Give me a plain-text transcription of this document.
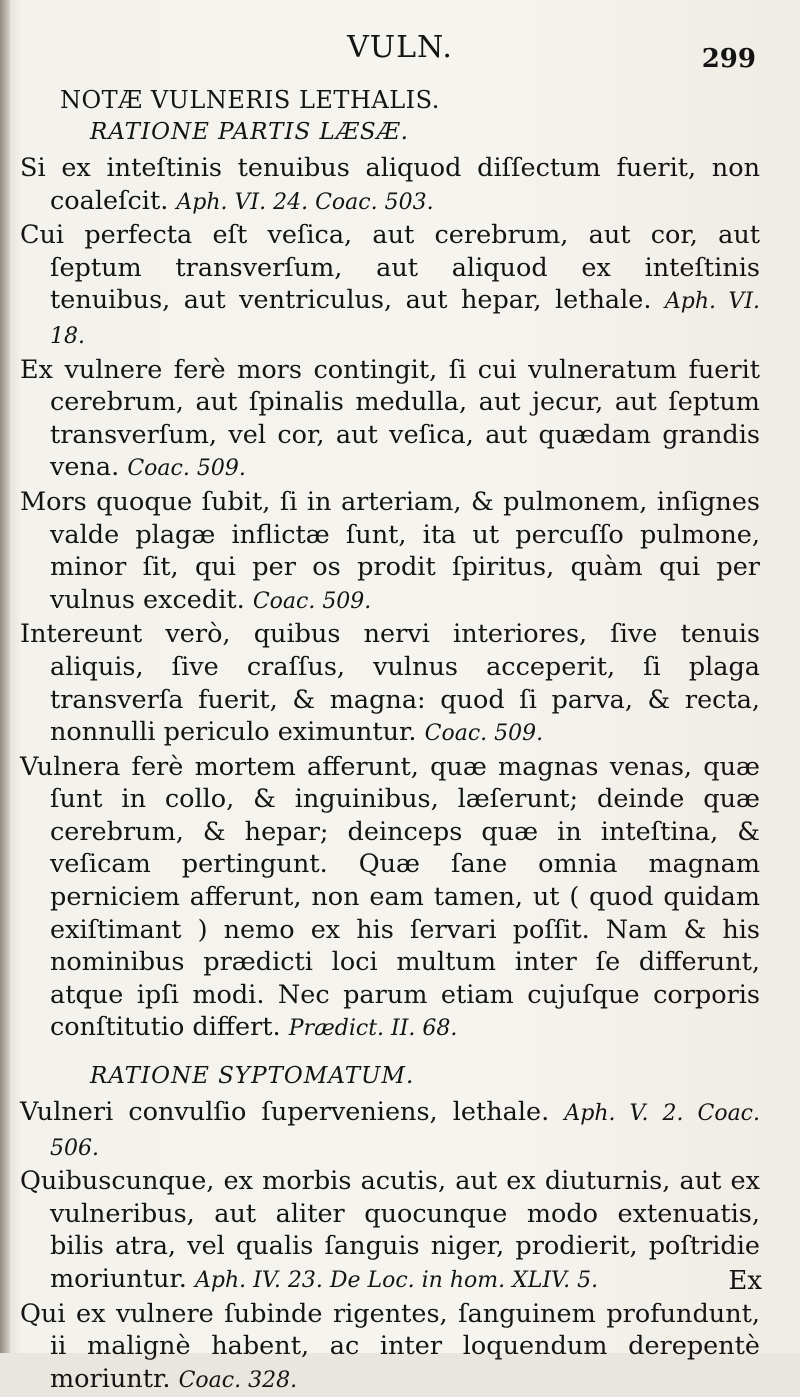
VULN.	299
NOTÆ VULNERIS LETHALIS.
RATIONE PARTIS LÆSÆ.

Si ex inteſtinis tenuibus aliquod diſſectum fuerit, non coaleſcit. Aph. VI. 24. Coac. 503.

Cui perfecta eſt veſica, aut cerebrum, aut cor, aut ſeptum transverſum, aut aliquod ex inteſtinis tenuibus, aut ventriculus, aut hepar, lethale. Aph. VI. 18.

Ex vulnere ferè mors contingit, ſi cui vulneratum fuerit cerebrum, aut ſpinalis medulla, aut jecur, aut ſeptum transverſum, vel cor, aut veſica, aut quædam grandis vena. Coac. 509.

Mors quoque ſubit, ſi in arteriam, & pulmonem, inſignes valde plagæ inflictæ ſunt, ita ut percuſſo pulmone, minor ſit, qui per os prodit ſpiritus, quàm qui per vulnus excedit. Coac. 509.

Intereunt verò, quibus nervi interiores, ſive tenuis aliquis, ſive craſſus, vulnus acceperit, ſi plaga transverſa fuerit, & magna: quod ſi parva, & recta, nonnulli periculo eximuntur. Coac. 509.

Vulnera ferè mortem afferunt, quæ magnas venas, quæ ſunt in collo, & inguinibus, læſerunt; deinde quæ cerebrum, & hepar; deinceps quæ in inteſtina, & veſicam pertingunt. Quæ ſane omnia magnam perniciem afferunt, non eam tamen, ut ( quod quidam exiſtimant ) nemo ex his ſervari poſſit. Nam & his nominibus prædicti loci multum inter ſe differunt, atque ipſi modi. Nec parum etiam cujuſque corporis conſtitutio differt. Prædict. II. 68.

RATIONE SYPTOMATUM.

Vulneri convulſio ſuperveniens, lethale. Aph. V. 2. Coac. 506.

Quibuscunque, ex morbis acutis, aut ex diuturnis, aut ex vulneribus, aut aliter quocunque modo extenuatis, bilis atra, vel qualis ſanguis niger, prodierit, poſtridie moriuntur. Aph. IV. 23. De Loc. in hom. XLIV. 5.

Qui ex vulnere ſubinde rigentes, ſanguinem profundunt, ii malignè habent, ac inter loquendum derepentè moriuntr. Coac. 328.

Ex
